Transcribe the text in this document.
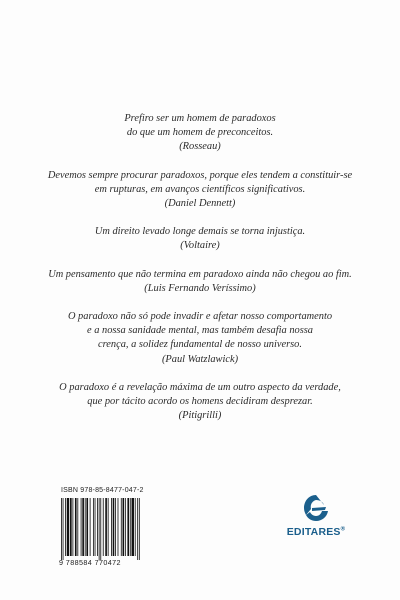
Prefiro ser um homem de paradoxos
do que um homem de preconceitos.
(Rosseau)

Devemos sempre procurar paradoxos, porque eles tendem a constituir-se
em rupturas, em avanços científicos significativos.
(Daniel Dennett)

Um direito levado longe demais se torna injustiça.
(Voltaire)

Um pensamento que não termina em paradoxo ainda não chegou ao fim.
(Luis Fernando Veríssimo)

O paradoxo não só pode invadir e afetar nosso comportamento
e a nossa sanidade mental, mas também desafia nossa
crença, a solidez fundamental de nosso universo.
(Paul Watzlawick)

O paradoxo é a revelação máxima de um outro aspecto da verdade,
que por tácito acordo os homens decidiram desprezar.
(Pitigrilli)

ISBN 978-85-8477-047-2
9 788584 770472
EDITARES®
